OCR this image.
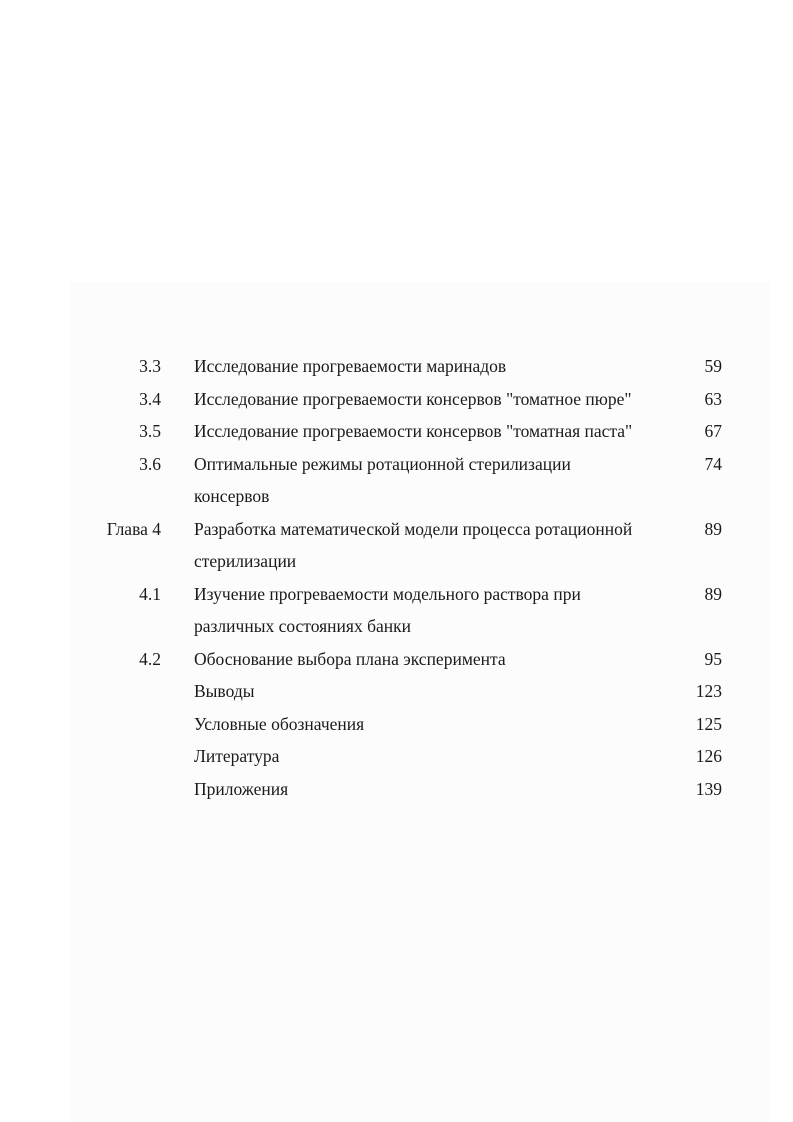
3.3 Исследование прогреваемости маринадов	59
3.4 Исследование прогреваемости консервов "томатное пюре"	63
3.5 Исследование прогреваемости консервов "томатная паста"	67
3.6 Оптимальные режимы ротационной стерилизации	74
консервов
Глава 4 Разработка математической модели процесса ротационной	89
стерилизации
4.1 Изучение прогреваемости модельного раствора при	89
различных состояниях банки
4.2 Обоснование выбора плана эксперимента	95
Выводы	123
Условные обозначения	125
Литература	126
Приложения	139
